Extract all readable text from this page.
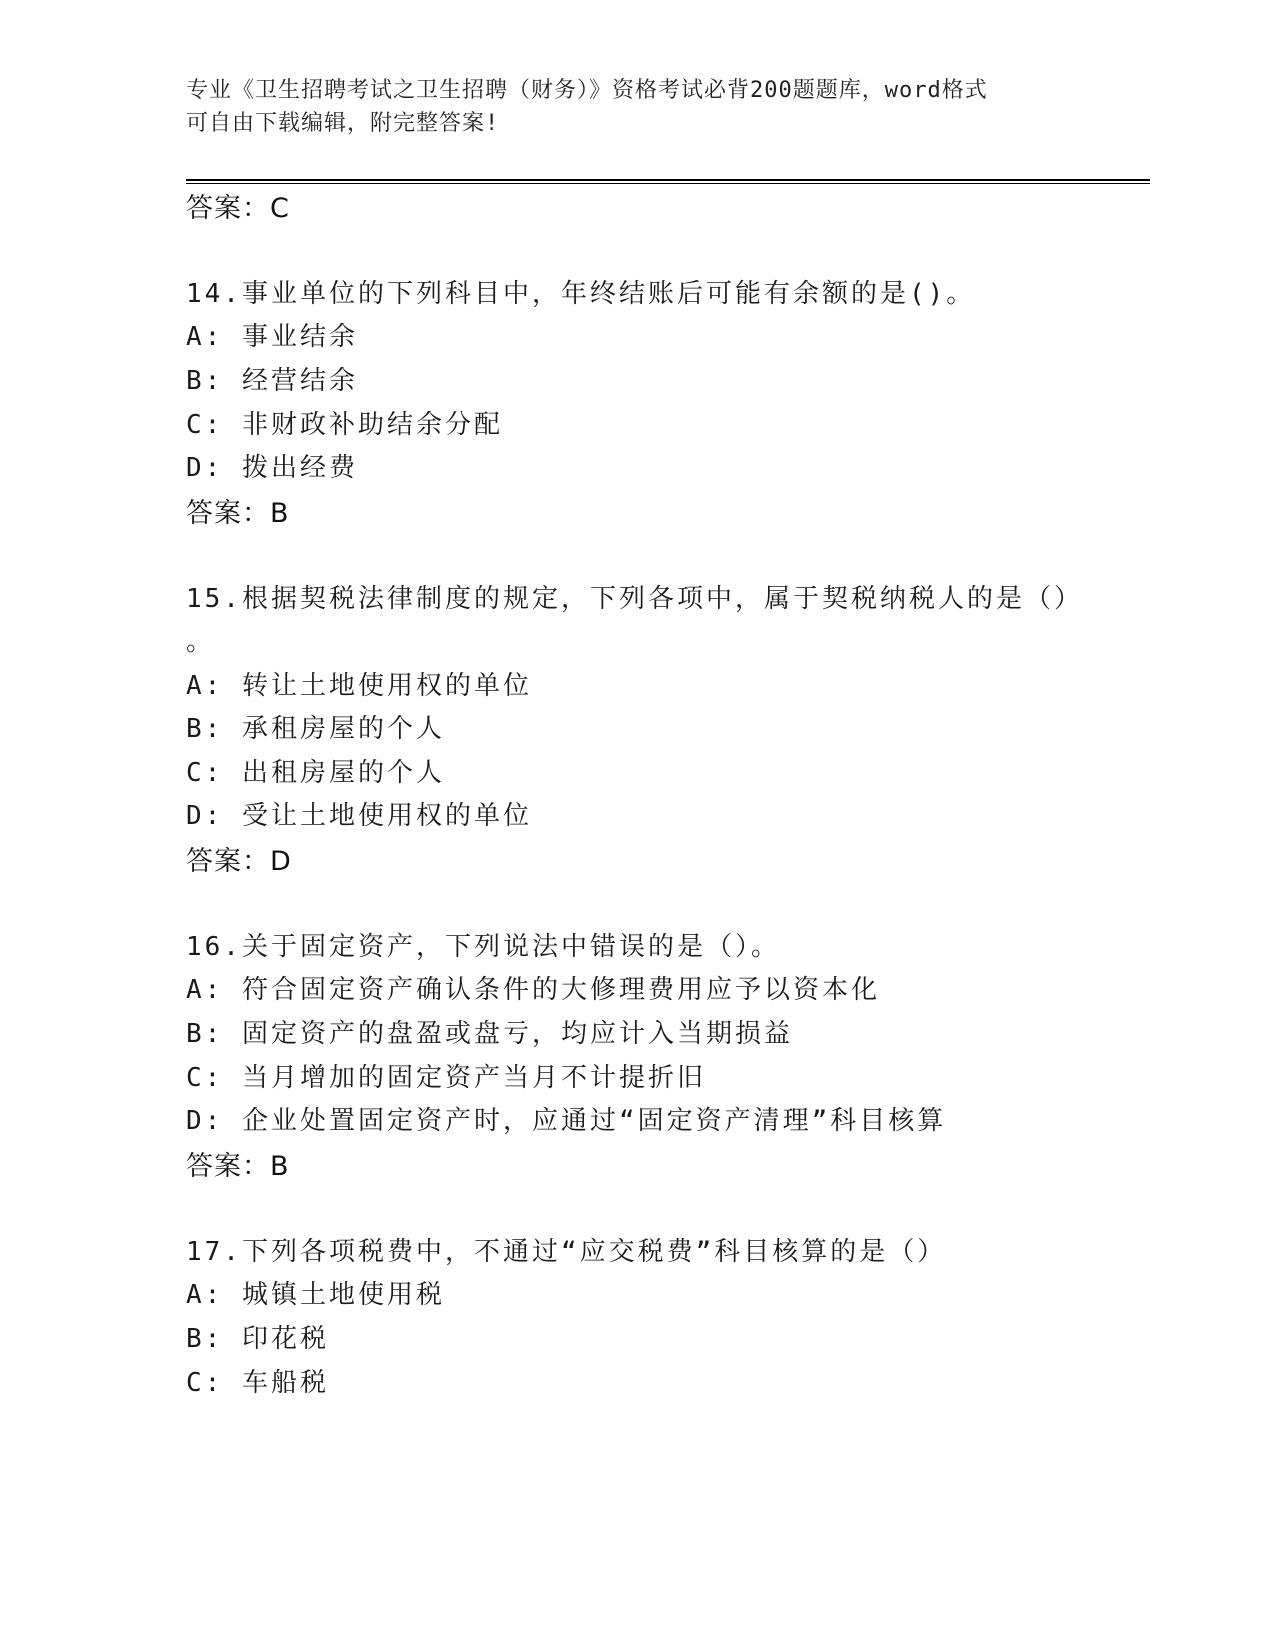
专业《卫生招聘考试之卫生招聘（财务）》资格考试必背200题题库，word格式
可自由下载编辑，附完整答案!
答案：C
14.事业单位的下列科目中，年终结账后可能有余额的是()。
A: 事业结余
B: 经营结余
C: 非财政补助结余分配
D: 拨出经费
答案：B
15.根据契税法律制度的规定，下列各项中，属于契税纳税人的是（）
。
A: 转让土地使用权的单位
B: 承租房屋的个人
C: 出租房屋的个人
D: 受让土地使用权的单位
答案：D
16.关于固定资产，下列说法中错误的是（）。
A: 符合固定资产确认条件的大修理费用应予以资本化
B: 固定资产的盘盈或盘亏，均应计入当期损益
C: 当月增加的固定资产当月不计提折旧
D: 企业处置固定资产时，应通过“固定资产清理”科目核算
答案：B
17.下列各项税费中，不通过“应交税费”科目核算的是（）
A: 城镇土地使用税
B: 印花税
C: 车船税
